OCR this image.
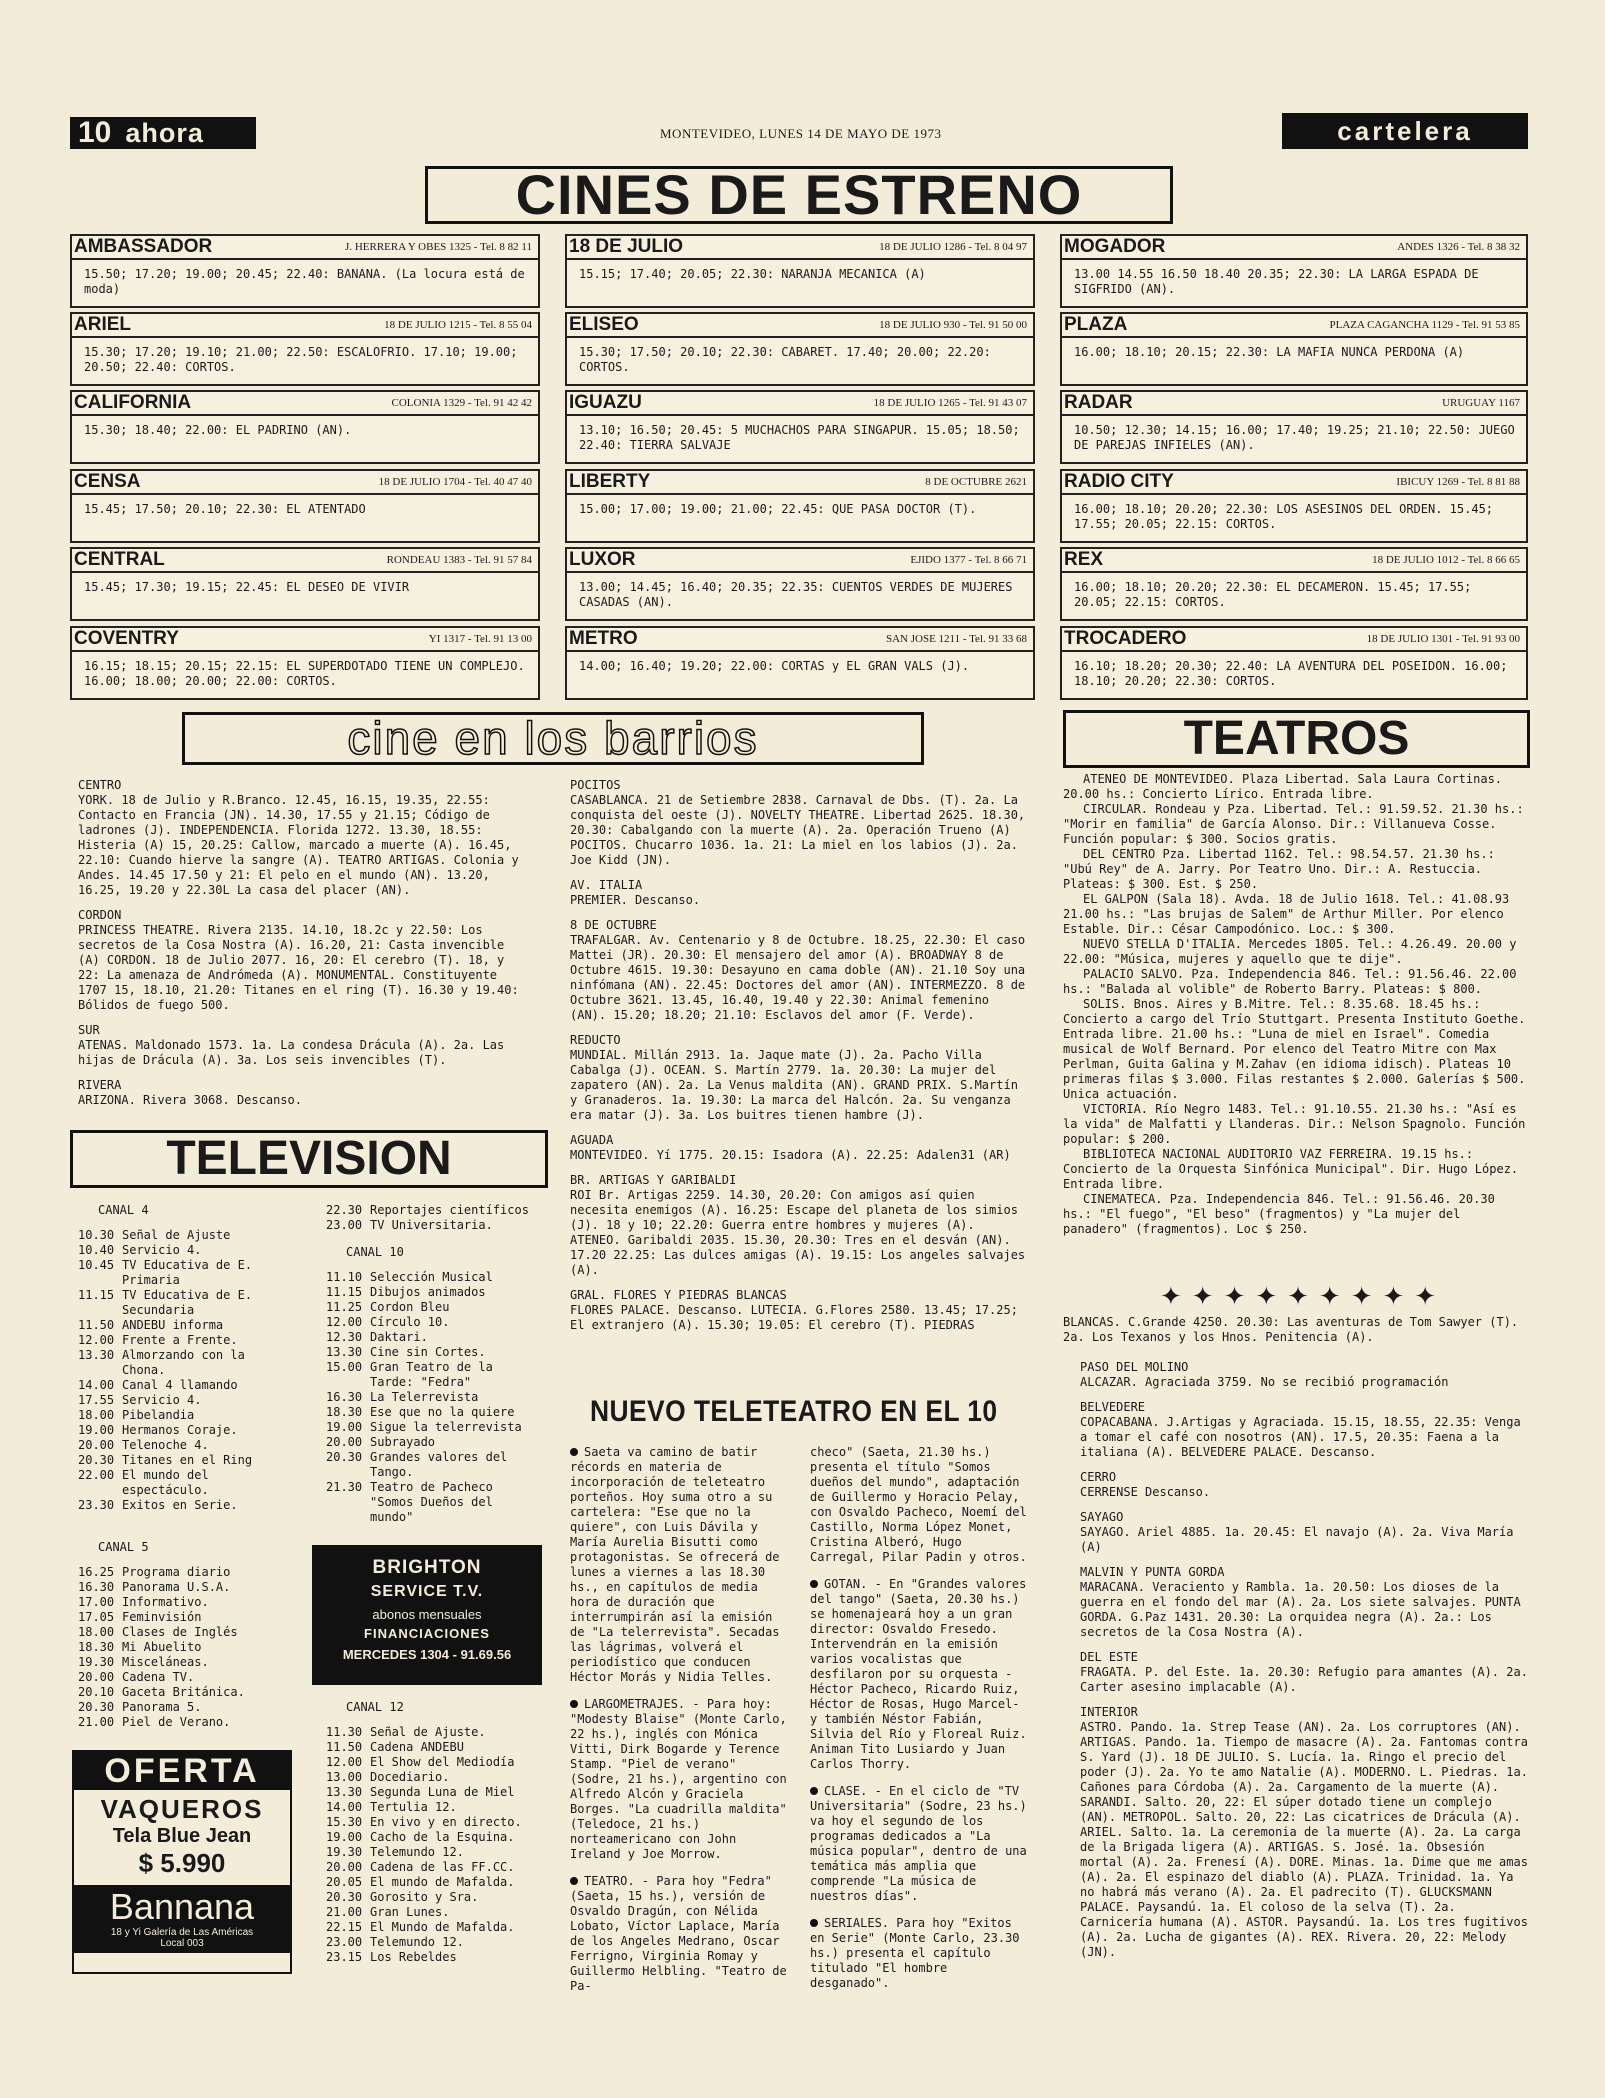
10 ahora	MONTEVIDEO, LUNES 14 DE MAYO DE 1973	cartelera
CINES DE ESTRENO
AMBASSADOR	J. HERRERA Y OBES 1325 - Tel. 8 82 11
15.50; 17.20; 19.00; 20.45; 22.40: BANANA. (La locura está de moda)
18 DE JULIO	18 DE JULIO 1286 - Tel. 8 04 97
15.15; 17.40; 20.05; 22.30: NARANJA MECANICA (A)
MOGADOR	ANDES 1326 - Tel. 8 38 32
13.00 14.55 16.50 18.40 20.35; 22.30: LA LARGA ESPADA DE SIGFRIDO (AN).
ARIEL	18 DE JULIO 1215 - Tel. 8 55 04
15.30; 17.20; 19.10; 21.00; 22.50: ESCALOFRIO. 17.10; 19.00; 20.50; 22.40: CORTOS.
ELISEO	18 DE JULIO 930 - Tel. 91 50 00
15.30; 17.50; 20.10; 22.30: CABARET. 17.40; 20.00; 22.20: CORTOS.
PLAZA	PLAZA CAGANCHA 1129 - Tel. 91 53 85
16.00; 18.10; 20.15; 22.30: LA MAFIA NUNCA PERDONA (A)
CALIFORNIA	COLONIA 1329 - Tel. 91 42 42
15.30; 18.40; 22.00: EL PADRINO (AN).
IGUAZU	18 DE JULIO 1265 - Tel. 91 43 07
13.10; 16.50; 20.45: 5 MUCHACHOS PARA SINGAPUR. 15.05; 18.50; 22.40: TIERRA SALVAJE
RADAR	URUGUAY 1167
10.50; 12.30; 14.15; 16.00; 17.40; 19.25; 21.10; 22.50: JUEGO DE PAREJAS INFIELES (AN).
CENSA	18 DE JULIO 1704 - Tel. 40 47 40
15.45; 17.50; 20.10; 22.30: EL ATENTADO
LIBERTY	8 DE OCTUBRE 2621
15.00; 17.00; 19.00; 21.00; 22.45: QUE PASA DOCTOR (T).
RADIO CITY	IBICUY 1269 - Tel. 8 81 88
16.00; 18.10; 20.20; 22.30: LOS ASESINOS DEL ORDEN. 15.45; 17.55; 20.05; 22.15: CORTOS.
CENTRAL	RONDEAU 1383 - Tel. 91 57 84
15.45; 17.30; 19.15; 22.45: EL DESEO DE VIVIR
LUXOR	EJIDO 1377 - Tel. 8 66 71
13.00; 14.45; 16.40; 20.35; 22.35: CUENTOS VERDES DE MUJERES CASADAS (AN).
REX	18 DE JULIO 1012 - Tel. 8 66 65
16.00; 18.10; 20.20; 22.30: EL DECAMERON. 15.45; 17.55; 20.05; 22.15: CORTOS.
COVENTRY	YI 1317 - Tel. 91 13 00
16.15; 18.15; 20.15; 22.15: EL SUPERDOTADO TIENE UN COMPLEJO. 16.00; 18.00; 20.00; 22.00: CORTOS.
METRO	SAN JOSE 1211 - Tel. 91 33 68
14.00; 16.40; 19.20; 22.00: CORTAS y EL GRAN VALS (J).
TROCADERO	18 DE JULIO 1301 - Tel. 91 93 00
16.10; 18.20; 20.30; 22.40: LA AVENTURA DEL POSEIDON. 16.00; 18.10; 20.20; 22.30: CORTOS.
cine en los barrios
CENTRO
YORK. 18 de Julio y R.Branco. 12.45, 16.15, 19.35, 22.55: Contacto en Francia (JN). 14.30, 17.55 y 21.15; Código de ladrones (J). INDEPENDENCIA. Florida 1272. 13.30, 18.55: Histeria (A) 15, 20.25: Callow, marcado a muerte (A). 16.45, 22.10: Cuando hierve la sangre (A). TEATRO ARTIGAS. Colonia y Andes. 14.45 17.50 y 21: El pelo en el mundo (AN). 13.20, 16.25, 19.20 y 22.30L La casa del placer (AN).
CORDON
PRINCESS THEATRE. Rivera 2135. 14.10, 18.2c y 22.50: Los secretos de la Cosa Nostra (A). 16.20, 21: Casta invencible (A) CORDON. 18 de Julio 2077. 16, 20: El cerebro (T). 18, y 22: La amenaza de Andrómeda (A). MONUMENTAL. Constituyente 1707 15, 18.10, 21.20: Titanes en el ring (T). 16.30 y 19.40: Bólidos de fuego 500.
SUR
ATENAS. Maldonado 1573. 1a. La condesa Drácula (A). 2a. Las hijas de Drácula (A). 3a. Los seis invencibles (T).
RIVERA
ARIZONA. Rivera 3068. Descanso.
POCITOS
CASABLANCA. 21 de Setiembre 2838. Carnaval de Dbs. (T). 2a. La conquista del oeste (J). NOVELTY THEATRE. Libertad 2625. 18.30, 20.30: Cabalgando con la muerte (A). 2a. Operación Trueno (A) POCITOS. Chucarro 1036. 1a. 21: La miel en los labios (J). 2a. Joe Kidd (JN).
AV. ITALIA
PREMIER. Descanso.
8 DE OCTUBRE
TRAFALGAR. Av. Centenario y 8 de Octubre. 18.25, 22.30: El caso Mattei (JR). 20.30: El mensajero del amor (A). BROADWAY 8 de Octubre 4615. 19.30: Desayuno en cama doble (AN). 21.10 Soy una ninfómana (AN). 22.45: Doctores del amor (AN). INTERMEZZO. 8 de Octubre 3621. 13.45, 16.40, 19.40 y 22.30: Animal femenino (AN). 15.20; 18.20; 21.10: Esclavos del amor (F. Verde).
REDUCTO
MUNDIAL. Millán 2913. 1a. Jaque mate (J). 2a. Pacho Villa Cabalga (J). OCEAN. S. Martín 2779. 1a. 20.30: La mujer del zapatero (AN). 2a. La Venus maldita (AN). GRAND PRIX. S.Martín y Granaderos. 1a. 19.30: La marca del Halcón. 2a. Su venganza era matar (J). 3a. Los buitres tienen hambre (J).
AGUADA
MONTEVIDEO. Yí 1775. 20.15: Isadora (A). 22.25: Adalen31 (AR)
BR. ARTIGAS Y GARIBALDI
ROI Br. Artigas 2259. 14.30, 20.20: Con amigos así quien necesita enemigos (A). 16.25: Escape del planeta de los simios (J). 18 y 10; 22.20: Guerra entre hombres y mujeres (A). ATENEO. Garibaldi 2035. 15.30, 20.30: Tres en el desván (AN). 17.20 22.25: Las dulces amigas (A). 19.15: Los angeles salvajes (A).
GRAL. FLORES Y PIEDRAS BLANCAS
FLORES PALACE. Descanso. LUTECIA. G.Flores 2580. 13.45; 17.25; El extranjero (A). 15.30; 19.05: El cerebro (T). PIEDRAS
TEATROS
ATENEO DE MONTEVIDEO. Plaza Libertad. Sala Laura Cortinas. 20.00 hs.: Concierto Lírico. Entrada libre.
CIRCULAR. Rondeau y Pza. Libertad. Tel.: 91.59.52. 21.30 hs.: "Morir en familia" de García Alonso. Dir.: Villanueva Cosse. Función popular: $ 300. Socios gratis.
DEL CENTRO Pza. Libertad 1162. Tel.: 98.54.57. 21.30 hs.: "Ubú Rey" de A. Jarry. Por Teatro Uno. Dir.: A. Restuccia. Plateas: $ 300. Est. $ 250.
EL GALPON (Sala 18). Avda. 18 de Julio 1618. Tel.: 41.08.93 21.00 hs.: "Las brujas de Salem" de Arthur Miller. Por elenco Estable. Dir.: César Campodónico. Loc.: $ 300.
NUEVO STELLA D'ITALIA. Mercedes 1805. Tel.: 4.26.49. 20.00 y 22.00: "Música, mujeres y aquello que te dije".
PALACIO SALVO. Pza. Independencia 846. Tel.: 91.56.46. 22.00 hs.: "Balada al volible" de Roberto Barry. Plateas: $ 800.
SOLIS. Bnos. Aires y B.Mitre. Tel.: 8.35.68. 18.45 hs.: Concierto a cargo del Trío Stuttgart. Presenta Instituto Goethe. Entrada libre. 21.00 hs.: "Luna de miel en Israel". Comedia musical de Wolf Bernard. Por elenco del Teatro Mitre con Max Perlman, Guita Galina y M.Zahav (en idioma idisch). Plateas 10 primeras filas $ 3.000. Filas restantes $ 2.000. Galerías $ 500. Unica actuación.
VICTORIA. Río Negro 1483. Tel.: 91.10.55. 21.30 hs.: "Así es la vida" de Malfatti y Llanderas. Dir.: Nelson Spagnolo. Función popular: $ 200.
BIBLIOTECA NACIONAL AUDITORIO VAZ FERREIRA. 19.15 hs.: Concierto de la Orquesta Sinfónica Municipal". Dir. Hugo López. Entrada libre.
CINEMATECA. Pza. Independencia 846. Tel.: 91.56.46. 20.30 hs.: "El fuego", "El beso" (fragmentos) y "La mujer del panadero" (fragmentos). Loc $ 250.
✦✦✦✦✦✦✦✦✦
BLANCAS. C.Grande 4250. 20.30: Las aventuras de Tom Sawyer (T). 2a. Los Texanos y los Hnos. Penitencia (A).
PASO DEL MOLINO
ALCAZAR. Agraciada 3759. No se recibió programación
BELVEDERE
COPACABANA. J.Artigas y Agraciada. 15.15, 18.55, 22.35: Venga a tomar el café con nosotros (AN). 17.5, 20.35: Faena a la italiana (A). BELVEDERE PALACE. Descanso.
CERRO
CERRENSE Descanso.
SAYAGO
SAYAGO. Ariel 4885. 1a. 20.45: El navajo (A). 2a. Viva María (A)
MALVIN Y PUNTA GORDA
MARACANA. Veraciento y Rambla. 1a. 20.50: Los dioses de la guerra en el fondo del mar (A). 2a. Los siete salvajes. PUNTA GORDA. G.Paz 1431. 20.30: La orquidea negra (A). 2a.: Los secretos de la Cosa Nostra (A).
DEL ESTE
FRAGATA. P. del Este. 1a. 20.30: Refugio para amantes (A). 2a. Carter asesino implacable (A).
INTERIOR
ASTRO. Pando. 1a. Strep Tease (AN). 2a. Los corruptores (AN). ARTIGAS. Pando. 1a. Tiempo de masacre (A). 2a. Fantomas contra S. Yard (J). 18 DE JULIO. S. Lucía. 1a. Ringo el precio del poder (J). 2a. Yo te amo Natalie (A). MODERNO. L. Piedras. 1a. Cañones para Córdoba (A). 2a. Cargamento de la muerte (A). SARANDI. Salto. 20, 22: El súper dotado tiene un complejo (AN). METROPOL. Salto. 20, 22: Las cicatrices de Drácula (A). ARIEL. Salto. 1a. La ceremonia de la muerte (A). 2a. La carga de la Brigada ligera (A). ARTIGAS. S. José. 1a. Obsesión mortal (A). 2a. Frenesí (A). DORE. Minas. 1a. Dime que me amas (A). 2a. El espinazo del diablo (A). PLAZA. Trinidad. 1a. Ya no habrá más verano (A). 2a. El padrecito (T). GLUCKSMANN PALACE. Paysandú. 1a. El coloso de la selva (T). 2a. Carnicería humana (A). ASTOR. Paysandú. 1a. Los tres fugitivos (A). 2a. Lucha de gigantes (A). REX. Rivera. 20, 22: Melody (JN).
TELEVISION
CANAL 4
10.30 Señal de Ajuste
10.40 Servicio 4.
10.45 TV Educativa de E. Primaria
11.15 TV Educativa de E. Secundaria
11.50 ANDEBU informa
12.00 Frente a Frente.
13.30 Almorzando con la Chona.
14.00 Canal 4 llamando
17.55 Servicio 4.
18.00 Pibelandia
19.00 Hermanos Coraje.
20.00 Telenoche 4.
20.30 Titanes en el Ring
22.00 El mundo del espectáculo.
23.30 Exitos en Serie.
CANAL 5
16.25 Programa diario
16.30 Panorama U.S.A.
17.00 Informativo.
17.05 Feminvisión
18.00 Clases de Inglés
18.30 Mi Abuelito
19.30 Misceláneas.
20.00 Cadena TV.
20.10 Gaceta Británica.
20.30 Panorama 5.
21.00 Piel de Verano.
22.30 Reportajes científicos
23.00 TV Universitaria.
CANAL 10
11.10 Selección Musical
11.15 Dibujos animados
11.25 Cordon Bleu
12.00 Círculo 10.
12.30 Daktari.
13.30 Cine sin Cortes.
15.00 Gran Teatro de la Tarde: "Fedra"
16.30 La Telerrevista
18.30 Ese que no la quiere
19.00 Sigue la telerrevista
20.00 Subrayado
20.30 Grandes valores del Tango.
21.30 Teatro de Pacheco "Somos Dueños del mundo"
CANAL 12
11.30 Señal de Ajuste.
11.50 Cadena ANDEBU
12.00 El Show del Mediodía
13.00 Docediario.
13.30 Segunda Luna de Miel
14.00 Tertulia 12.
15.30 En vivo y en directo.
19.00 Cacho de la Esquina.
19.30 Telemundo 12.
20.00 Cadena de las FF.CC.
20.05 El mundo de Mafalda.
20.30 Gorosito y Sra.
21.00 Gran Lunes.
22.15 El Mundo de Mafalda.
23.00 Telemundo 12.
23.15 Los Rebeldes
BRIGHTON
SERVICE T.V.
abonos mensuales
FINANCIACIONES
MERCEDES 1304 - 91.69.56
OFERTA
VAQUEROS
Tela Blue Jean
$ 5.990
Bannana
18 y Yi Galería de Las Américas
Local 003
NUEVO TELETEATRO EN EL 10
Saeta va camino de batir récords en materia de incorporación de teleteatro porteños. Hoy suma otro a su cartelera: "Ese que no la quiere", con Luis Dávila y María Aurelia Bisutti como protagonistas. Se ofrecerá de lunes a viernes a las 18.30 hs., en capítulos de media hora de duración que interrumpirán así la emisión de "La telerrevista". Secadas las lágrimas, volverá el periodístico que conducen Héctor Morás y Nidia Telles.
LARGOMETRAJES. - Para hoy: "Modesty Blaise" (Monte Carlo, 22 hs.), inglés con Mónica Vitti, Dirk Bogarde y Terence Stamp. "Piel de verano" (Sodre, 21 hs.), argentino con Alfredo Alcón y Graciela Borges. "La cuadrilla maldita" (Teledoce, 21 hs.) norteamericano con John Ireland y Joe Morrow.
TEATRO. - Para hoy "Fedra" (Saeta, 15 hs.), versión de Osvaldo Dragún, con Nélida Lobato, Víctor Laplace, María de los Angeles Medrano, Oscar Ferrigno, Virginia Romay y Guillermo Helbling. "Teatro de Pa-
checo" (Saeta, 21.30 hs.) presenta el título "Somos dueños del mundo", adaptación de Guillermo y Horacio Pelay, con Osvaldo Pacheco, Noemí del Castillo, Norma López Monet, Cristina Alberó, Hugo Carregal, Pilar Padin y otros.
GOTAN. - En "Grandes valores del tango" (Saeta, 20.30 hs.) se homenajeará hoy a un gran director: Osvaldo Fresedo. Intervendrán en la emisión varios vocalistas que desfilaron por su orquesta -Héctor Pacheco, Ricardo Ruiz, Héctor de Rosas, Hugo Marcel- y también Néstor Fabián, Silvia del Río y Floreal Ruiz. Animan Tito Lusiardo y Juan Carlos Thorry.
CLASE. - En el ciclo de "TV Universitaria" (Sodre, 23 hs.) va hoy el segundo de los programas dedicados a "La música popular", dentro de una temática más amplia que comprende "La música de nuestros días".
SERIALES. Para hoy "Exitos en Serie" (Monte Carlo, 23.30 hs.) presenta el capítulo titulado "El hombre desganado".
